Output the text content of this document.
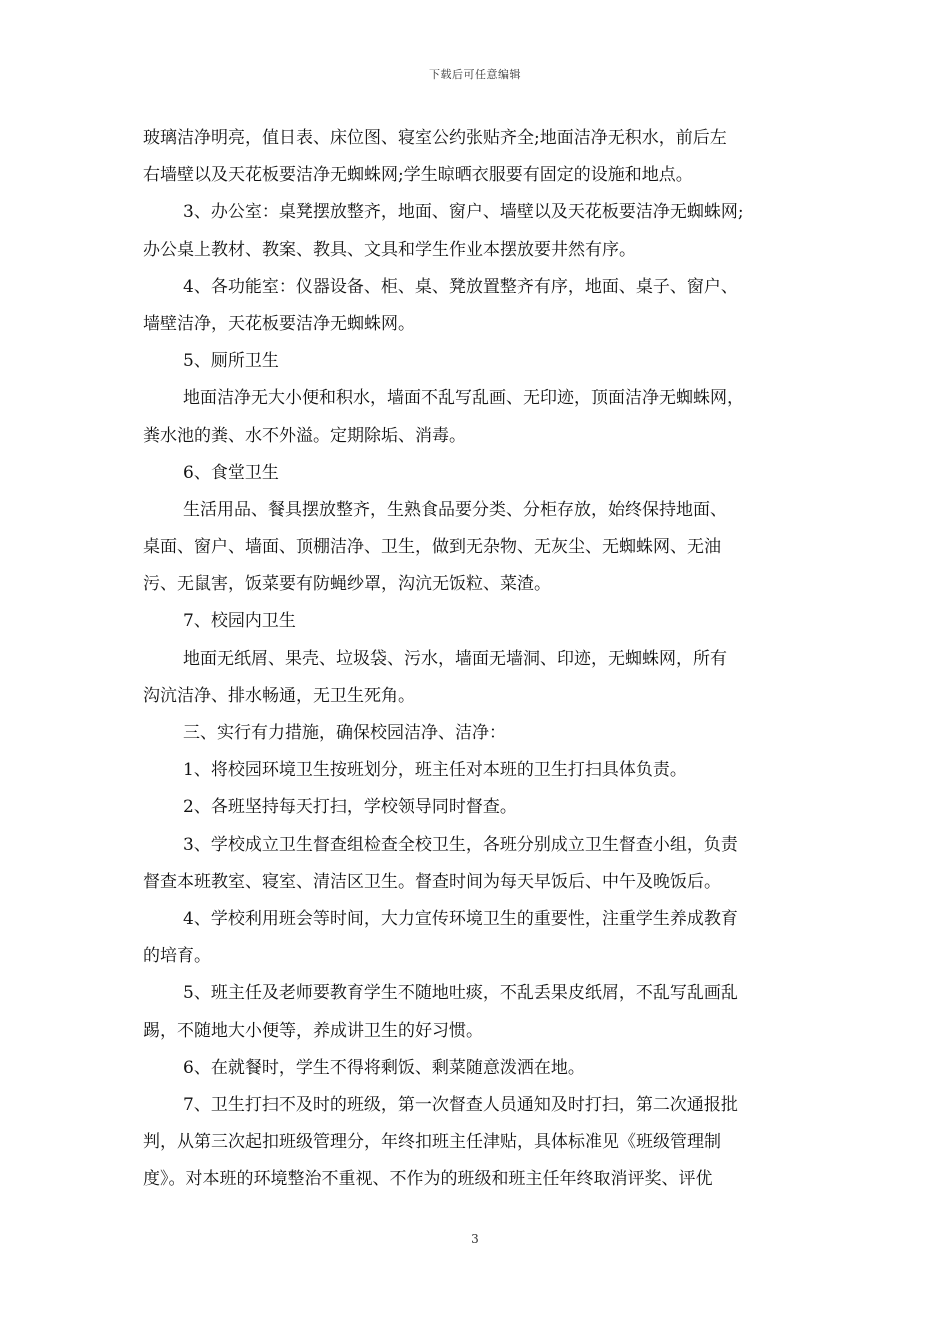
下载后可任意编辑
玻璃洁净明亮，值日表、床位图、寝室公约张贴齐全;地面洁净无积水，前后左
右墙壁以及天花板要洁净无蜘蛛网;学生晾晒衣服要有固定的设施和地点。
3、办公室：桌凳摆放整齐，地面、窗户、墙壁以及天花板要洁净无蜘蛛网;
办公桌上教材、教案、教具、文具和学生作业本摆放要井然有序。
4、各功能室：仪器设备、柜、桌、凳放置整齐有序，地面、桌子、窗户、
墙壁洁净，天花板要洁净无蜘蛛网。
5、厕所卫生
地面洁净无大小便和积水，墙面不乱写乱画、无印迹，顶面洁净无蜘蛛网，
粪水池的粪、水不外溢。定期除垢、消毒。
6、食堂卫生
生活用品、餐具摆放整齐，生熟食品要分类、分柜存放，始终保持地面、
桌面、窗户、墙面、顶棚洁净、卫生，做到无杂物、无灰尘、无蜘蛛网、无油
污、无鼠害，饭菜要有防蝇纱罩，沟沆无饭粒、菜渣。
7、校园内卫生
地面无纸屑、果壳、垃圾袋、污水，墙面无墙洞、印迹，无蜘蛛网，所有
沟沆洁净、排水畅通，无卫生死角。
三、实行有力措施，确保校园洁净、洁净：
1、将校园环境卫生按班划分，班主任对本班的卫生打扫具体负责。
2、各班坚持每天打扫，学校领导同时督查。
3、学校成立卫生督查组检查全校卫生，各班分别成立卫生督查小组，负责
督查本班教室、寝室、清洁区卫生。督查时间为每天早饭后、中午及晚饭后。
4、学校利用班会等时间，大力宣传环境卫生的重要性，注重学生养成教育
的培育。
5、班主任及老师要教育学生不随地吐痰，不乱丢果皮纸屑，不乱写乱画乱
踢，不随地大小便等，养成讲卫生的好习惯。
6、在就餐时，学生不得将剩饭、剩菜随意泼洒在地。
7、卫生打扫不及时的班级，第一次督查人员通知及时打扫，第二次通报批
判，从第三次起扣班级管理分，年终扣班主任津贴，具体标准见《班级管理制
度》。对本班的环境整治不重视、不作为的班级和班主任年终取消评奖、评优
3
